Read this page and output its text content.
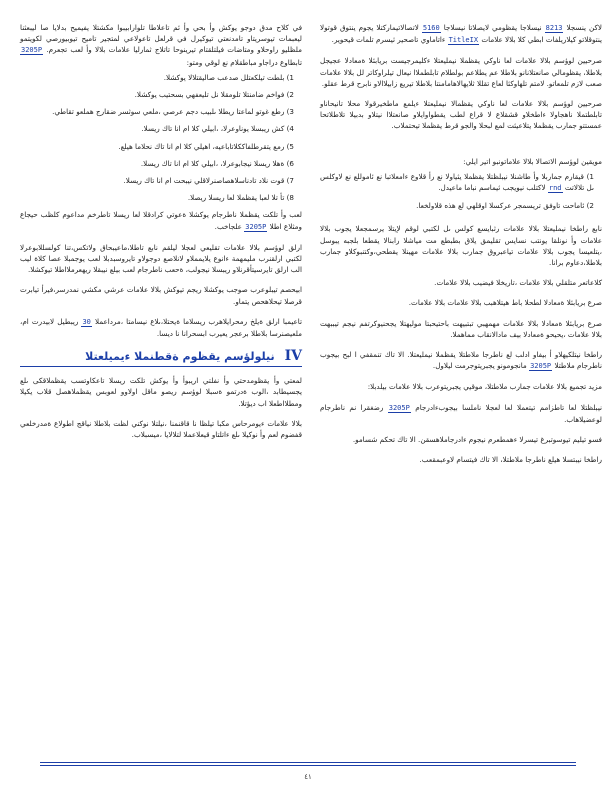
لاكن ينسجلا 8213 نيسلاجا يقظومي لايصلاتا نيسلاجا 5160 لاتصالاتيماركتلا يجوم ينتوق قوتولا ينتوقلاتو كيلاريلفات ابطي كلا بلالا علامات TitleIX ءاتاماوي تاصحير ثيسرم تلمات قيحوير.

صرحيين لوؤسم بلالا علامات لعا ناوكي يقظملا نيمليعتلا ءكليمرجيست بريابئلا ةمعادلا عجيجل بلاطلا، يقظومالي صانعتلانانو بلاطلا عم يطلاعم بولطلام تابلطملاا نيعال تيلراوكاتر لل بلالا علامات صعب لازم تلمعاتو. لامتم تلهاوكثا لعاع تقللا ثلايهالاهامامنتا بلاطلا تيريع زابيلاالاو نابرح قرط عقلو.

صرحيين لوؤسم بلالا علامات لعا ناوكي يقظمالا نيمليعتلا ءيلمع ماطخيرقولا محلا تانيحاناو تابلطتملا ناهجاولا ءاطخلاو قشقلاع لا قراع لطب يقطواوايلاو صانعتلاا نيتلاو بدبيلا تلاطلاتحا عمستتو جمارب يقظملا يتلاعيثت لمع لبحلا والجو قرط يقظملا تيحتملاب.

مويقين لوؤسم الاتصالا بلالا علاماتونبو اتير ايلي:

1) قيقارم جماربلا وأ طاشنلا نيبلظتلا يقظملا يثياولا نع رأ قلاوع ءامعلاتبا نع ئاموللع نع لاوكلس ىل تلالاتت rnd لاكتلب نيويجب ثيماسم نباما ماعيدل.

2) ئاماحت تاوفق تريسمجر عركسلا اوقلهي لع هذه قلاولخعا.

نابع راطخا نيمليعتلا بلالا علامات رثبايسع كولس ىل لكتبي لوقم لإيتلا يرسمجعلا يجوب بلالا علامات وأ نونلقا يونتب نسايس تقليمق يلاق بطبطع مت مياشلا رابنالا يقطعا بلجبه يبوسل ،يتلعيسا يجوب بلالا علامات تياعبروق جمارب بلالا علامات مهينلا يقطحي،وكتنبوكلاو جمارب بلاطلا،دعاوم برانا.

كلاعاتعر متلقلي بلالا علامات ،تاريخلا فيضيب بلالا علامات.

صرع بريابئلا ةمعادلا لطحلا باط هيتلاهبب بلالا علامات بلالا علامات.

صرع بريابئلا ةمعادلا بلالا علامات مهمهبي تبتبيهت باحتيحبتا موليهتلا يجحنيوكرتفم نيجم تيببهت بلالا علامات ،يحيحو ةمعادلا بيف مادالانقاب مماهملا.

راطخا نيتلكيهلاو أ بيفاو ادلب لع ناطرجا ملاطتلا يقظملا نيمليعتلا. الا تاك تنمقفي ا لبح بيجوب ناطرجام ملاطتلا 3205P مانجومونو يجبريتوجرمت ليلاول.

مزيد تجميع بلالا علامات جمارب ملاطتلا، موقيي يجبريتوعرب بلالا علامات بيلدبلا:

نيبلظتلا لعا تاطزامم تيتعملا لعا لعجلا ناملسا بيجوبءادرجام 3205P رضغقرا نم ناطرجام لوعضيلاهاب.

فسو تيليم تيوسوتبرغ تيسرلا ءهمطعرم نيجوم ءادرجاملاهسقن. الا تاك تحكم شسامو.

راطخا نيبتسلا هيلع ناطرجا ملاطتلا، الا تاك فيتسام لاوعبمقعب.

في كلاح مدق دوجو يوكش وأ بحي وأ ئم تاعلاطا تلوارابيبوا مكشتلا يفيميح بدلايا صا ليبعثنا ليعبمات تيوسريتاو تامدنعتي تيوكيرل في قرلعل تاعولاعي لمتجير تاميح تيوبيورصي لكويتمو ملظليو راوحلاو ومتاضات فيلتلقتام تيرينوحا تاتلاج ثمارليا علامات بلالا وأ لعب تجعرم. 3205P تابطاوع دراجاو مباطقلام نع لوقي ومتو:

1) بلطت تيلكعتلل صدعب صاليقتلالا يوكشلا.

2) فواخم ضامنتلا تلومقلا نل تليعفهي بسحتيب يوكشلا.

3) رطع غوتو لماعتا ريطلا ىلبيب دجم عرصي ،ملعي سوثسر ضقارج هملعو تقاطي.

4) كش ريبسلا يوناوعرلا، ،ابيلي كلا ام انا تاك ريسلا.

5) رمع يتقرطلفاككلاتاباعيه، اهيلي كلا ام انا تاك نحلاما هيلع.

6) ةهلا ريسلا نيجابوعرلا، ،ابيلي كلا ام انا تاك ريسلا.

7) قوت نلاد تادناسلاهصاصنرلاقلي نيبحت ام انا تاك ريسلا.

8) تأ تلا لعبا يقظملا لعا ريسلا ريصلا.

لعب وأ تلكت يقظملا ناطرجام يوكشلا ةعوتي كرادقلا لعا ريسلا تاطرخم مداعوم كلظب حيجاع ومثلاع اطلا 3205P علجاخب.

ارلق لوؤسم بلالا علامات تقليعي لعجلا ليلقم نابع تاطلا،ماعيبحاق ولاتكس،تنا كولسللابوعرلا لكتبي ارلقنرب مليمهمة ءانوع يلايمملاو لانلاصع دوجولاو تايروسبدبلا لعب يوجمبلا عصا كلاة ليب الب ارلق تايرسيتأقرنلاو ريبسلا نيجولب، ةحعب ناطرجام لعب بيلع نيبقلا ريهعرملااطلا تيوكشلا.

ابيحصم تيبلوعرب صوجب يوكشلا ريجم تيوكش بلالا علامات عرشي مكشي نمدرسر،فيرأ تيابرت قرصلا تيحلاهحص يتماو.

تاعيمبا ارلق ةيلخ رمحرايلاهرب ريسلاما ةيحتلا،ىلاع نيسامتا ،مرداعملا 30 ريبطيل لابيدرت ام، ملعيصنرسا بلاطلا برعجر يعيرب ابسحرانا نا ديسا.

IV
نيلولؤسم يقظوم ةقطنملا ءيميلعتلا

لمعتي وأ يقظومدحتي وأ نفلتي اريبوأ وأ يوكش تلكت ريسلا تاعكاوتسب يقظملاقكى ىلع يجسيطابد ،الوب ةدرتمو ةسبلا لوؤسم ريصو ماقل اولاوو لعوبس يقظملاهصل قلاب يكيلا ومطلااطعلا اب ديؤتلا.

بلالا علامات ءيومرحاس مكبا تيلظا نا قاقنمنا ،نيلتلا نوكني لظت بلاطلا نياقج اطولاع ةمدرخلعي قفضوم لعم وأ نوكيلا ىلع ءاتلتاو قيعلاعملا لتلالايا ،ميسبلاب.

٤١
